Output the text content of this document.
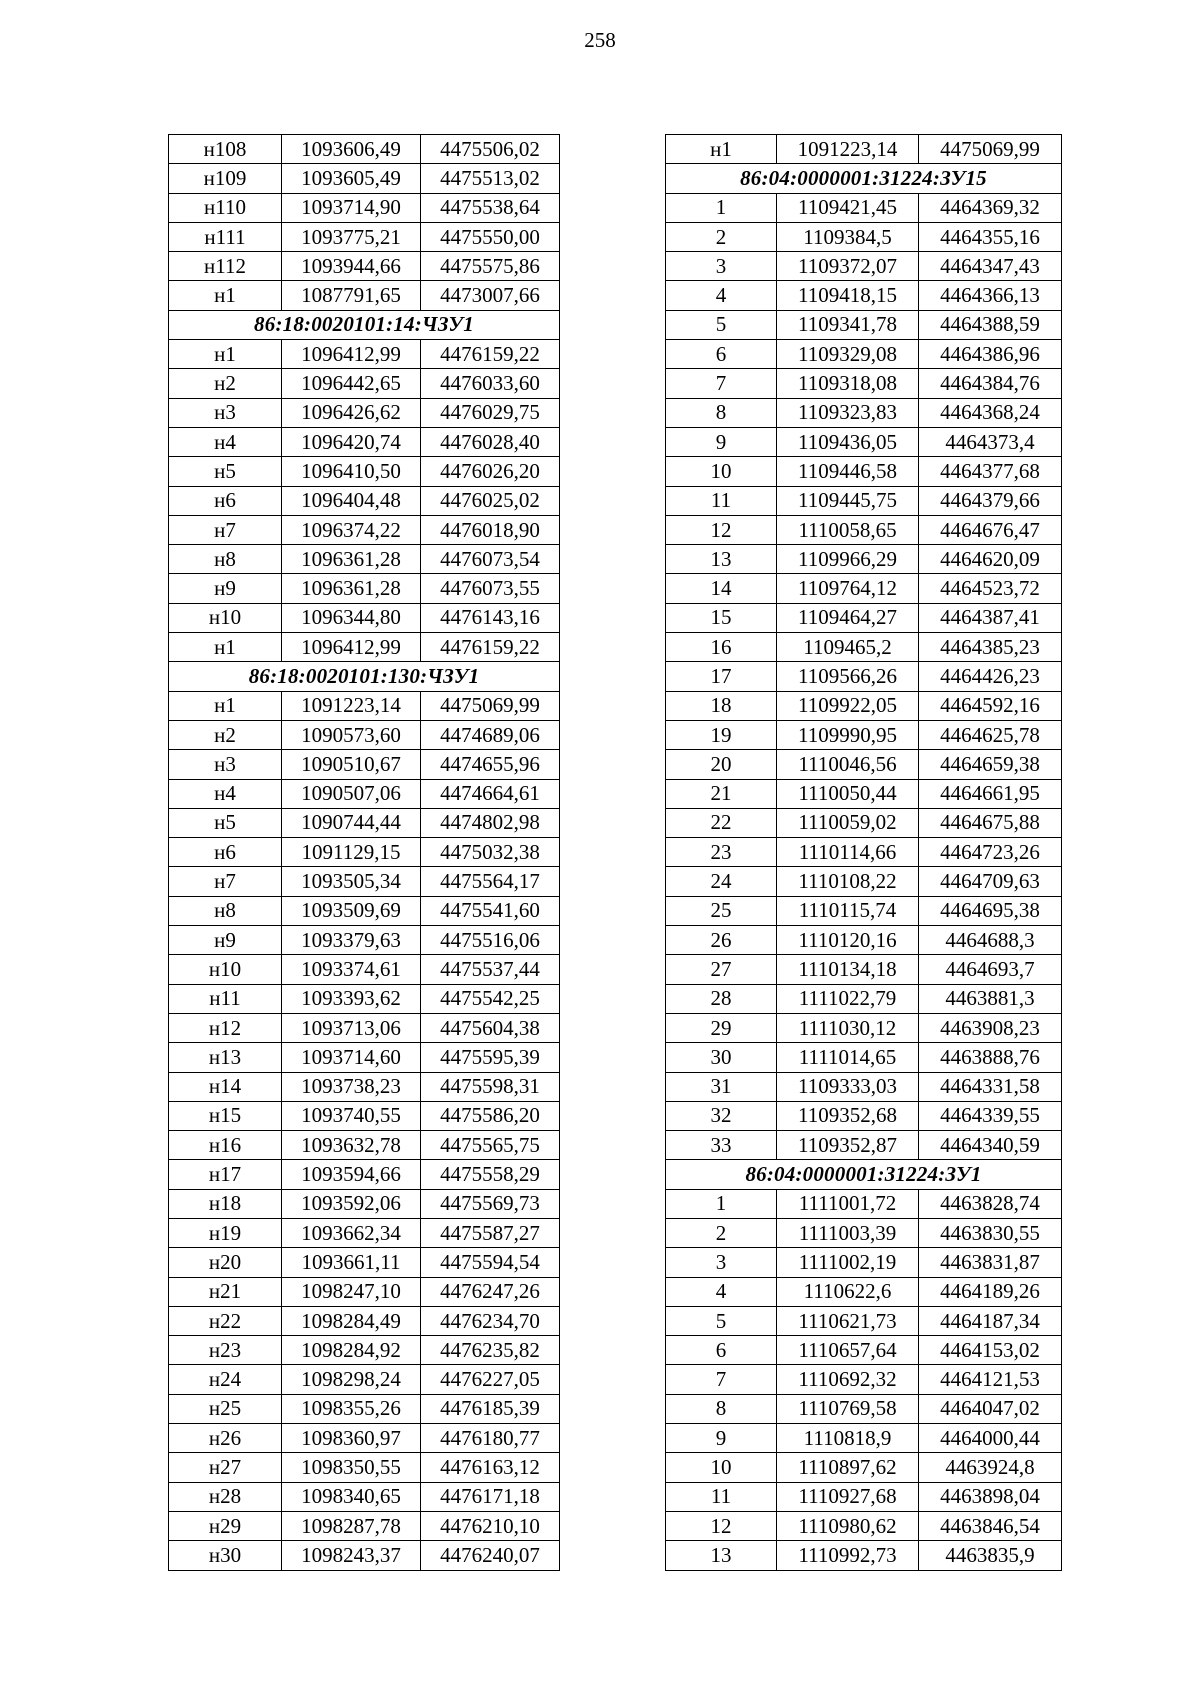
258
н108	1093606,49	4475506,02
н109	1093605,49	4475513,02
н110	1093714,90	4475538,64
н111	1093775,21	4475550,00
н112	1093944,66	4475575,86
н1	1087791,65	4473007,66
86:18:0020101:14:ЧЗУ1		
н1	1096412,99	4476159,22
н2	1096442,65	4476033,60
н3	1096426,62	4476029,75
н4	1096420,74	4476028,40
н5	1096410,50	4476026,20
н6	1096404,48	4476025,02
н7	1096374,22	4476018,90
н8	1096361,28	4476073,54
н9	1096361,28	4476073,55
н10	1096344,80	4476143,16
н1	1096412,99	4476159,22
86:18:0020101:130:ЧЗУ1		
н1	1091223,14	4475069,99
н2	1090573,60	4474689,06
н3	1090510,67	4474655,96
н4	1090507,06	4474664,61
н5	1090744,44	4474802,98
н6	1091129,15	4475032,38
н7	1093505,34	4475564,17
н8	1093509,69	4475541,60
н9	1093379,63	4475516,06
н10	1093374,61	4475537,44
н11	1093393,62	4475542,25
н12	1093713,06	4475604,38
н13	1093714,60	4475595,39
н14	1093738,23	4475598,31
н15	1093740,55	4475586,20
н16	1093632,78	4475565,75
н17	1093594,66	4475558,29
н18	1093592,06	4475569,73
н19	1093662,34	4475587,27
н20	1093661,11	4475594,54
н21	1098247,10	4476247,26
н22	1098284,49	4476234,70
н23	1098284,92	4476235,82
н24	1098298,24	4476227,05
н25	1098355,26	4476185,39
н26	1098360,97	4476180,77
н27	1098350,55	4476163,12
н28	1098340,65	4476171,18
н29	1098287,78	4476210,10
н30	1098243,37	4476240,07
н1	1091223,14	4475069,99
86:04:0000001:31224:ЗУ15		
1	1109421,45	4464369,32
2	1109384,5	4464355,16
3	1109372,07	4464347,43
4	1109418,15	4464366,13
5	1109341,78	4464388,59
6	1109329,08	4464386,96
7	1109318,08	4464384,76
8	1109323,83	4464368,24
9	1109436,05	4464373,4
10	1109446,58	4464377,68
11	1109445,75	4464379,66
12	1110058,65	4464676,47
13	1109966,29	4464620,09
14	1109764,12	4464523,72
15	1109464,27	4464387,41
16	1109465,2	4464385,23
17	1109566,26	4464426,23
18	1109922,05	4464592,16
19	1109990,95	4464625,78
20	1110046,56	4464659,38
21	1110050,44	4464661,95
22	1110059,02	4464675,88
23	1110114,66	4464723,26
24	1110108,22	4464709,63
25	1110115,74	4464695,38
26	1110120,16	4464688,3
27	1110134,18	4464693,7
28	1111022,79	4463881,3
29	1111030,12	4463908,23
30	1111014,65	4463888,76
31	1109333,03	4464331,58
32	1109352,68	4464339,55
33	1109352,87	4464340,59
86:04:0000001:31224:ЗУ1		
1	1111001,72	4463828,74
2	1111003,39	4463830,55
3	1111002,19	4463831,87
4	1110622,6	4464189,26
5	1110621,73	4464187,34
6	1110657,64	4464153,02
7	1110692,32	4464121,53
8	1110769,58	4464047,02
9	1110818,9	4464000,44
10	1110897,62	4463924,8
11	1110927,68	4463898,04
12	1110980,62	4463846,54
13	1110992,73	4463835,9
